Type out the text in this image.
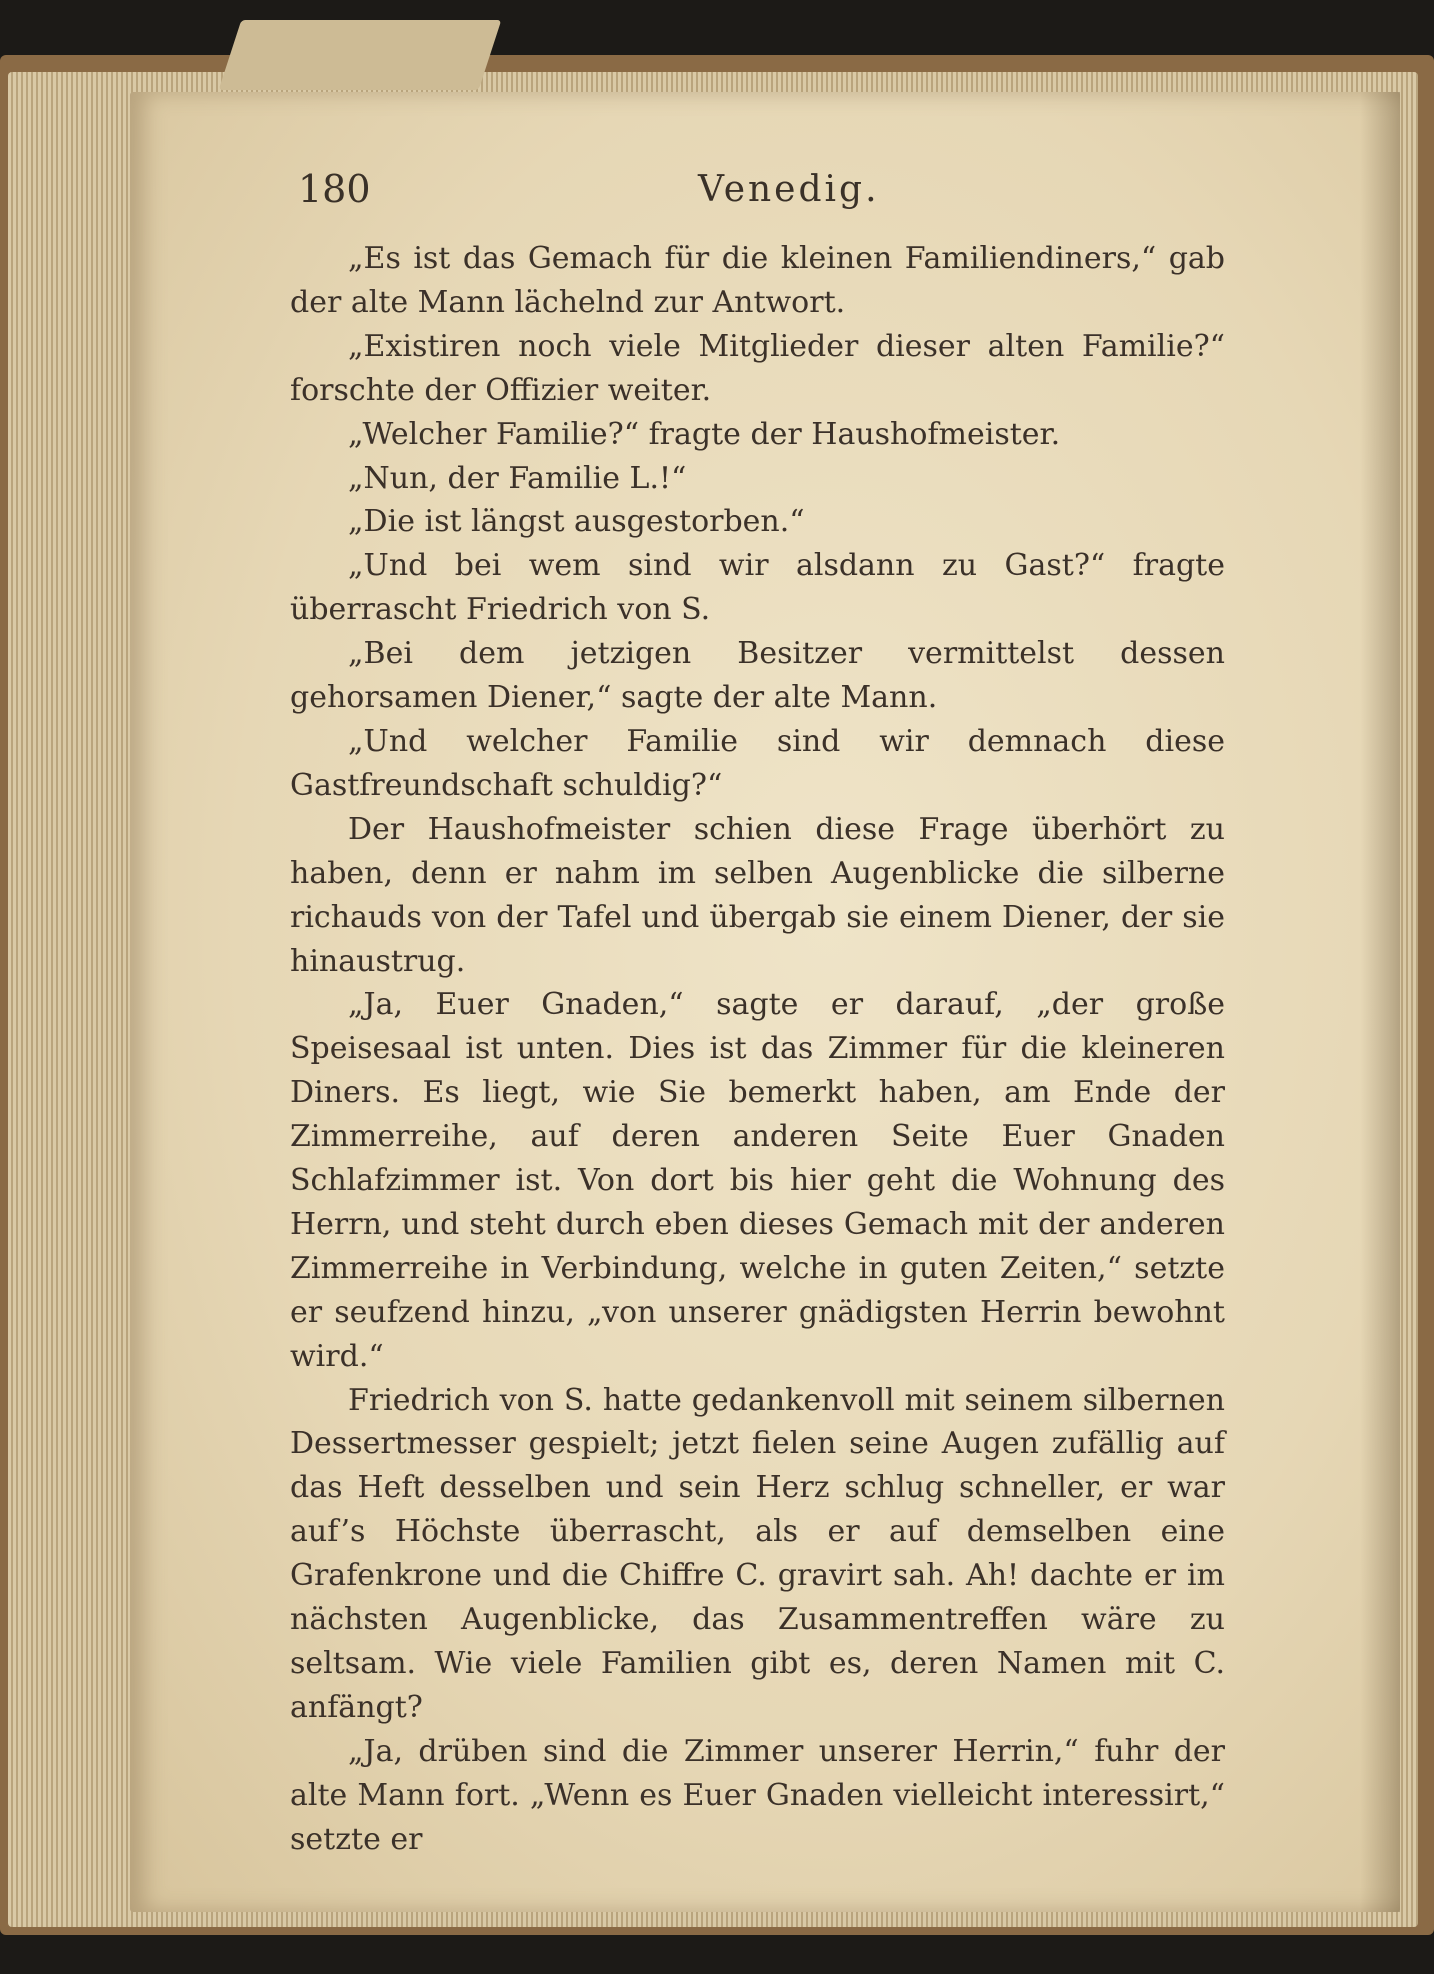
180	Venedig.

„Es ist das Gemach für die kleinen Familiendiners,“ gab der alte Mann lächelnd zur Antwort.

„Existiren noch viele Mitglieder dieser alten Familie?“ forschte der Offizier weiter.

„Welcher Familie?“ fragte der Haushofmeister.

„Nun, der Familie L.!“

„Die ist längst ausgestorben.“

„Und bei wem sind wir alsdann zu Gast?“ fragte überrascht Friedrich von S.

„Bei dem jetzigen Besitzer vermittelst dessen gehorsamen Diener,“ sagte der alte Mann.

„Und welcher Familie sind wir demnach diese Gastfreundschaft schuldig?“

Der Haushofmeister schien diese Frage überhört zu haben, denn er nahm im selben Augenblicke die silberne richauds von der Tafel und übergab sie einem Diener, der sie hinaustrug.

„Ja, Euer Gnaden,“ sagte er darauf, „der große Speisesaal ist unten. Dies ist das Zimmer für die kleineren Diners. Es liegt, wie Sie bemerkt haben, am Ende der Zimmerreihe, auf deren anderen Seite Euer Gnaden Schlafzimmer ist. Von dort bis hier geht die Wohnung des Herrn, und steht durch eben dieses Gemach mit der anderen Zimmerreihe in Verbindung, welche in guten Zeiten,“ setzte er seufzend hinzu, „von unserer gnädigsten Herrin bewohnt wird.“

Friedrich von S. hatte gedankenvoll mit seinem silbernen Dessertmesser gespielt; jetzt fielen seine Augen zufällig auf das Heft desselben und sein Herz schlug schneller, er war auf’s Höchste überrascht, als er auf demselben eine Grafenkrone und die Chiffre C. gravirt sah. Ah! dachte er im nächsten Augenblicke, das Zusammentreffen wäre zu seltsam. Wie viele Familien gibt es, deren Namen mit C. anfängt?

„Ja, drüben sind die Zimmer unserer Herrin,“ fuhr der alte Mann fort. „Wenn es Euer Gnaden vielleicht interessirt,“ setzte er
